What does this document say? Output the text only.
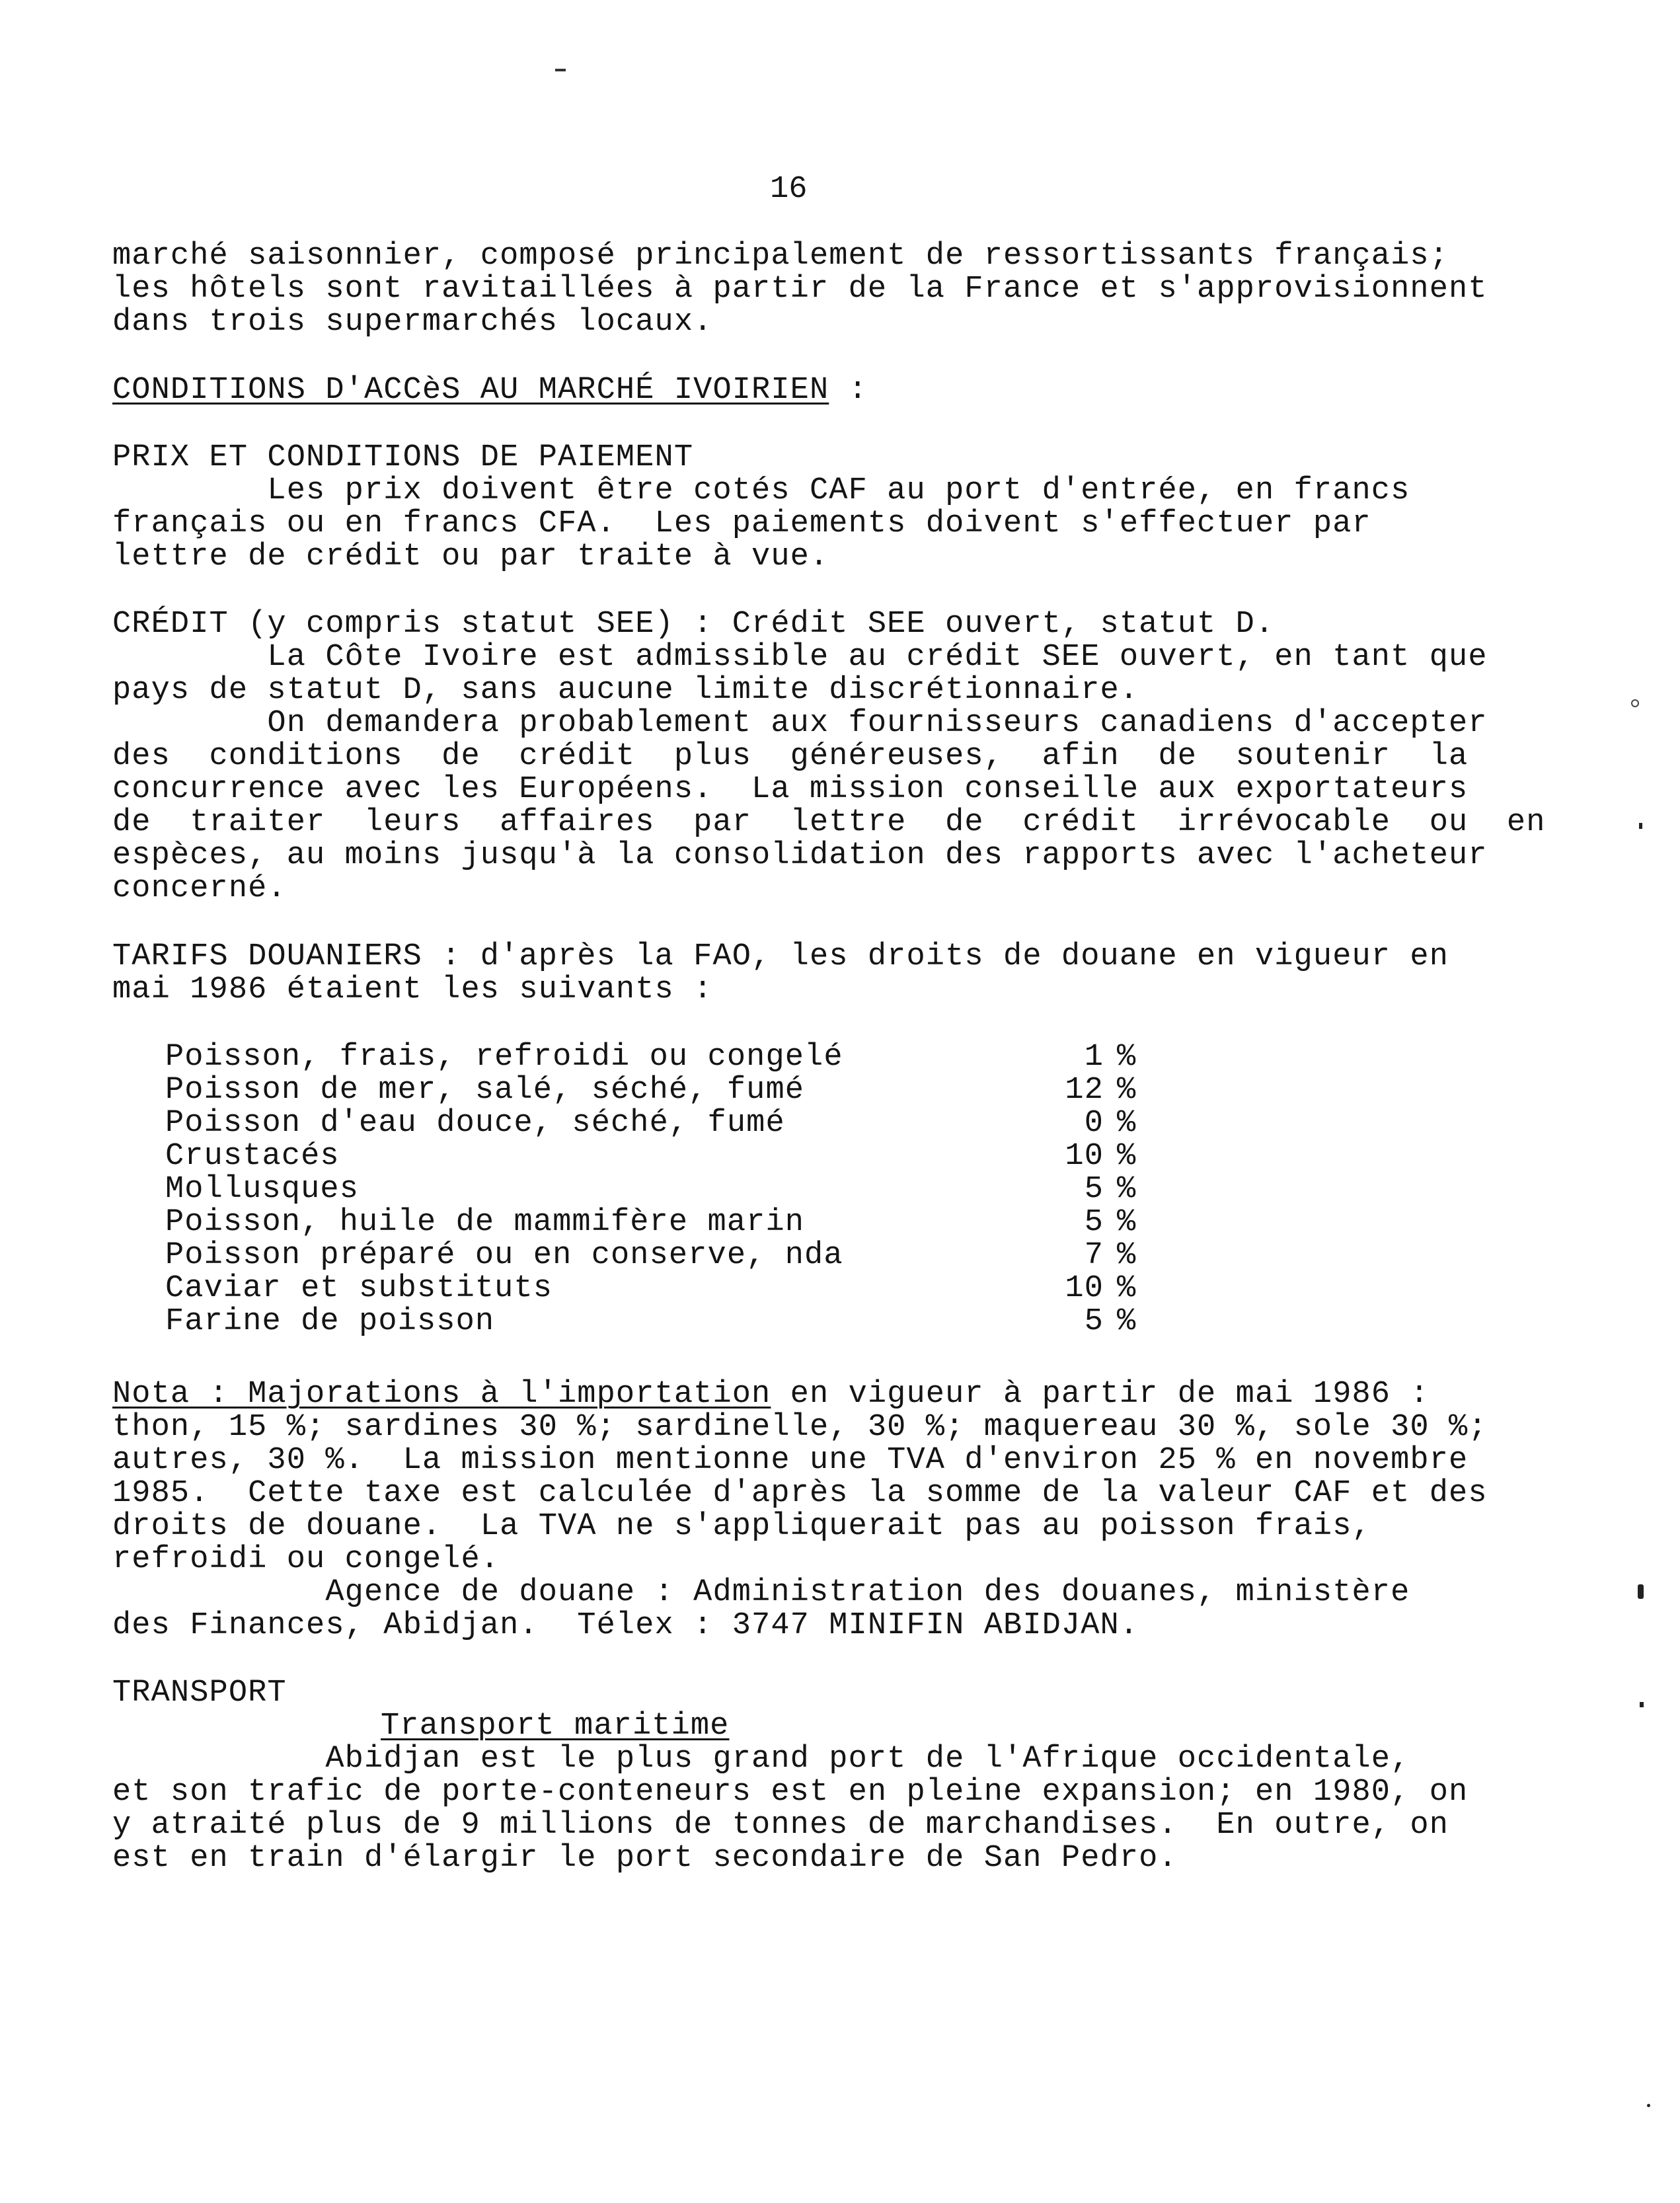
16
marché saisonnier, composé principalement de ressortissants français;
les hôtels sont ravitaillées à partir de la France et s'approvisionnent
dans trois supermarchés locaux.
CONDITIONS D'ACCèS AU MARCHÉ IVOIRIEN :
PRIX ET CONDITIONS DE PAIEMENT
Les prix doivent être cotés CAF au port d'entrée, en francs
français ou en francs CFA.  Les paiements doivent s'effectuer par
lettre de crédit ou par traite à vue.
CRÉDIT (y compris statut SEE) : Crédit SEE ouvert, statut D.
La Côte Ivoire est admissible au crédit SEE ouvert, en tant que
pays de statut D, sans aucune limite discrétionnaire.
On demandera probablement aux fournisseurs canadiens d'accepter
des  conditions  de  crédit  plus  généreuses,  afin  de  soutenir  la
concurrence avec les Européens.  La mission conseille aux exportateurs
de  traiter  leurs  affaires  par  lettre  de  crédit  irrévocable  ou  en
espèces, au moins jusqu'à la consolidation des rapports avec l'acheteur
concerné.
TARIFS DOUANIERS : d'après la FAO, les droits de douane en vigueur en
mai 1986 étaient les suivants :
Poisson, frais, refroidi ou congelé	1 %
Poisson de mer, salé, séché, fumé	12 %
Poisson d'eau douce, séché, fumé	0 %
Crustacés	10 %
Mollusques	5 %
Poisson, huile de mammifère marin	5 %
Poisson préparé ou en conserve, nda	7 %
Caviar et substituts	10 %
Farine de poisson	5 %
Nota : Majorations à l'importation en vigueur à partir de mai 1986 :
thon, 15 %; sardines 30 %; sardinelle, 30 %; maquereau 30 %, sole 30 %;
autres, 30 %.  La mission mentionne une TVA d'environ 25 % en novembre
1985.  Cette taxe est calculée d'après la somme de la valeur CAF et des
droits de douane.  La TVA ne s'appliquerait pas au poisson frais,
refroidi ou congelé.
Agence de douane : Administration des douanes, ministère
des Finances, Abidjan.  Télex : 3747 MINIFIN ABIDJAN.
TRANSPORT
Transport maritime
Abidjan est le plus grand port de l'Afrique occidentale,
et son trafic de porte-conteneurs est en pleine expansion; en 1980, on
y atraité plus de 9 millions de tonnes de marchandises.  En outre, on
est en train d'élargir le port secondaire de San Pedro.
